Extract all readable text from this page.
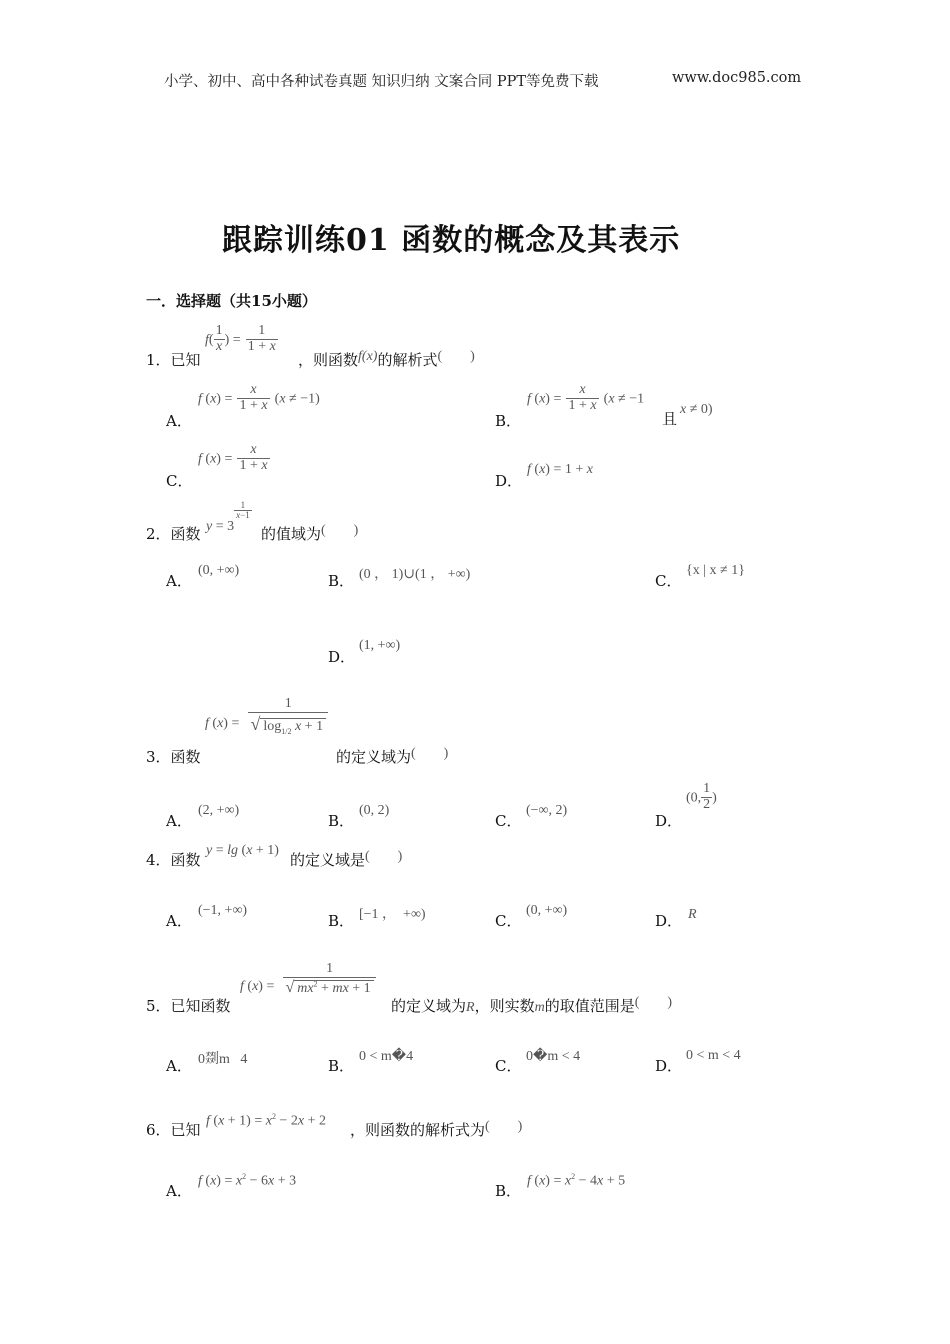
小学、初中、高中各种试卷真题 知识归纳 文案合同 PPT等免费下载	www.doc985.com
跟踪训练01 函数的概念及其表示
一．选择题（共15小题）
1．已知
$f( \frac{1}{x}$ ) = $\frac{1}{1 + x}$
，则函数f(x)的解析式(        )
A．
f $(x) = \frac{x}{1 + x} (x \ne -1)$
B．
f $(x) = \frac{x}{1 + x} (x \ne -1$
且
x ≠ 0)
C．
f $(x) = \frac{x}{1 + x}$
D．
f (x) = 1 + x
2．函数 y = 3
$\frac{1}{x-1}$
的值域为(        )
A．
(0, +∞)
B． (0 ， 1)∪(1 ， +∞)	C．
{x | x ≠ 1}
D．
(1, +∞)
f $(x) = \frac{1}{√ \log_{1/2} x + 1}$
3．函数	的定义域为(        )
A．
(2, +∞)
B．
(0, 2)
C．
(−∞, 2)
D．
(0, $\frac{1}{2}$ )
4．函数
y = lg (x + 1)
的定义域是(        )
A．
(−1, +∞)
B． [−1 ，  +∞)	C．
(0, +∞)
D． R
f $(x) = \frac{1}{√ mx^2 + mx + 1}$
5．已知函数	的定义域为R，则实数m的取值范围是(        )
A． 0剟m   4	B．
0 < m�4
C．
0�m < 4
D．
0 < m < 4
6．已知 f $(x + 1) = x^2 - 2x + 2$ ，则函数的解析式为(        )
A．
f $(x) = x^2 - 6x + 3$
B．
f $(x) = x^2 - 4x + 5$
